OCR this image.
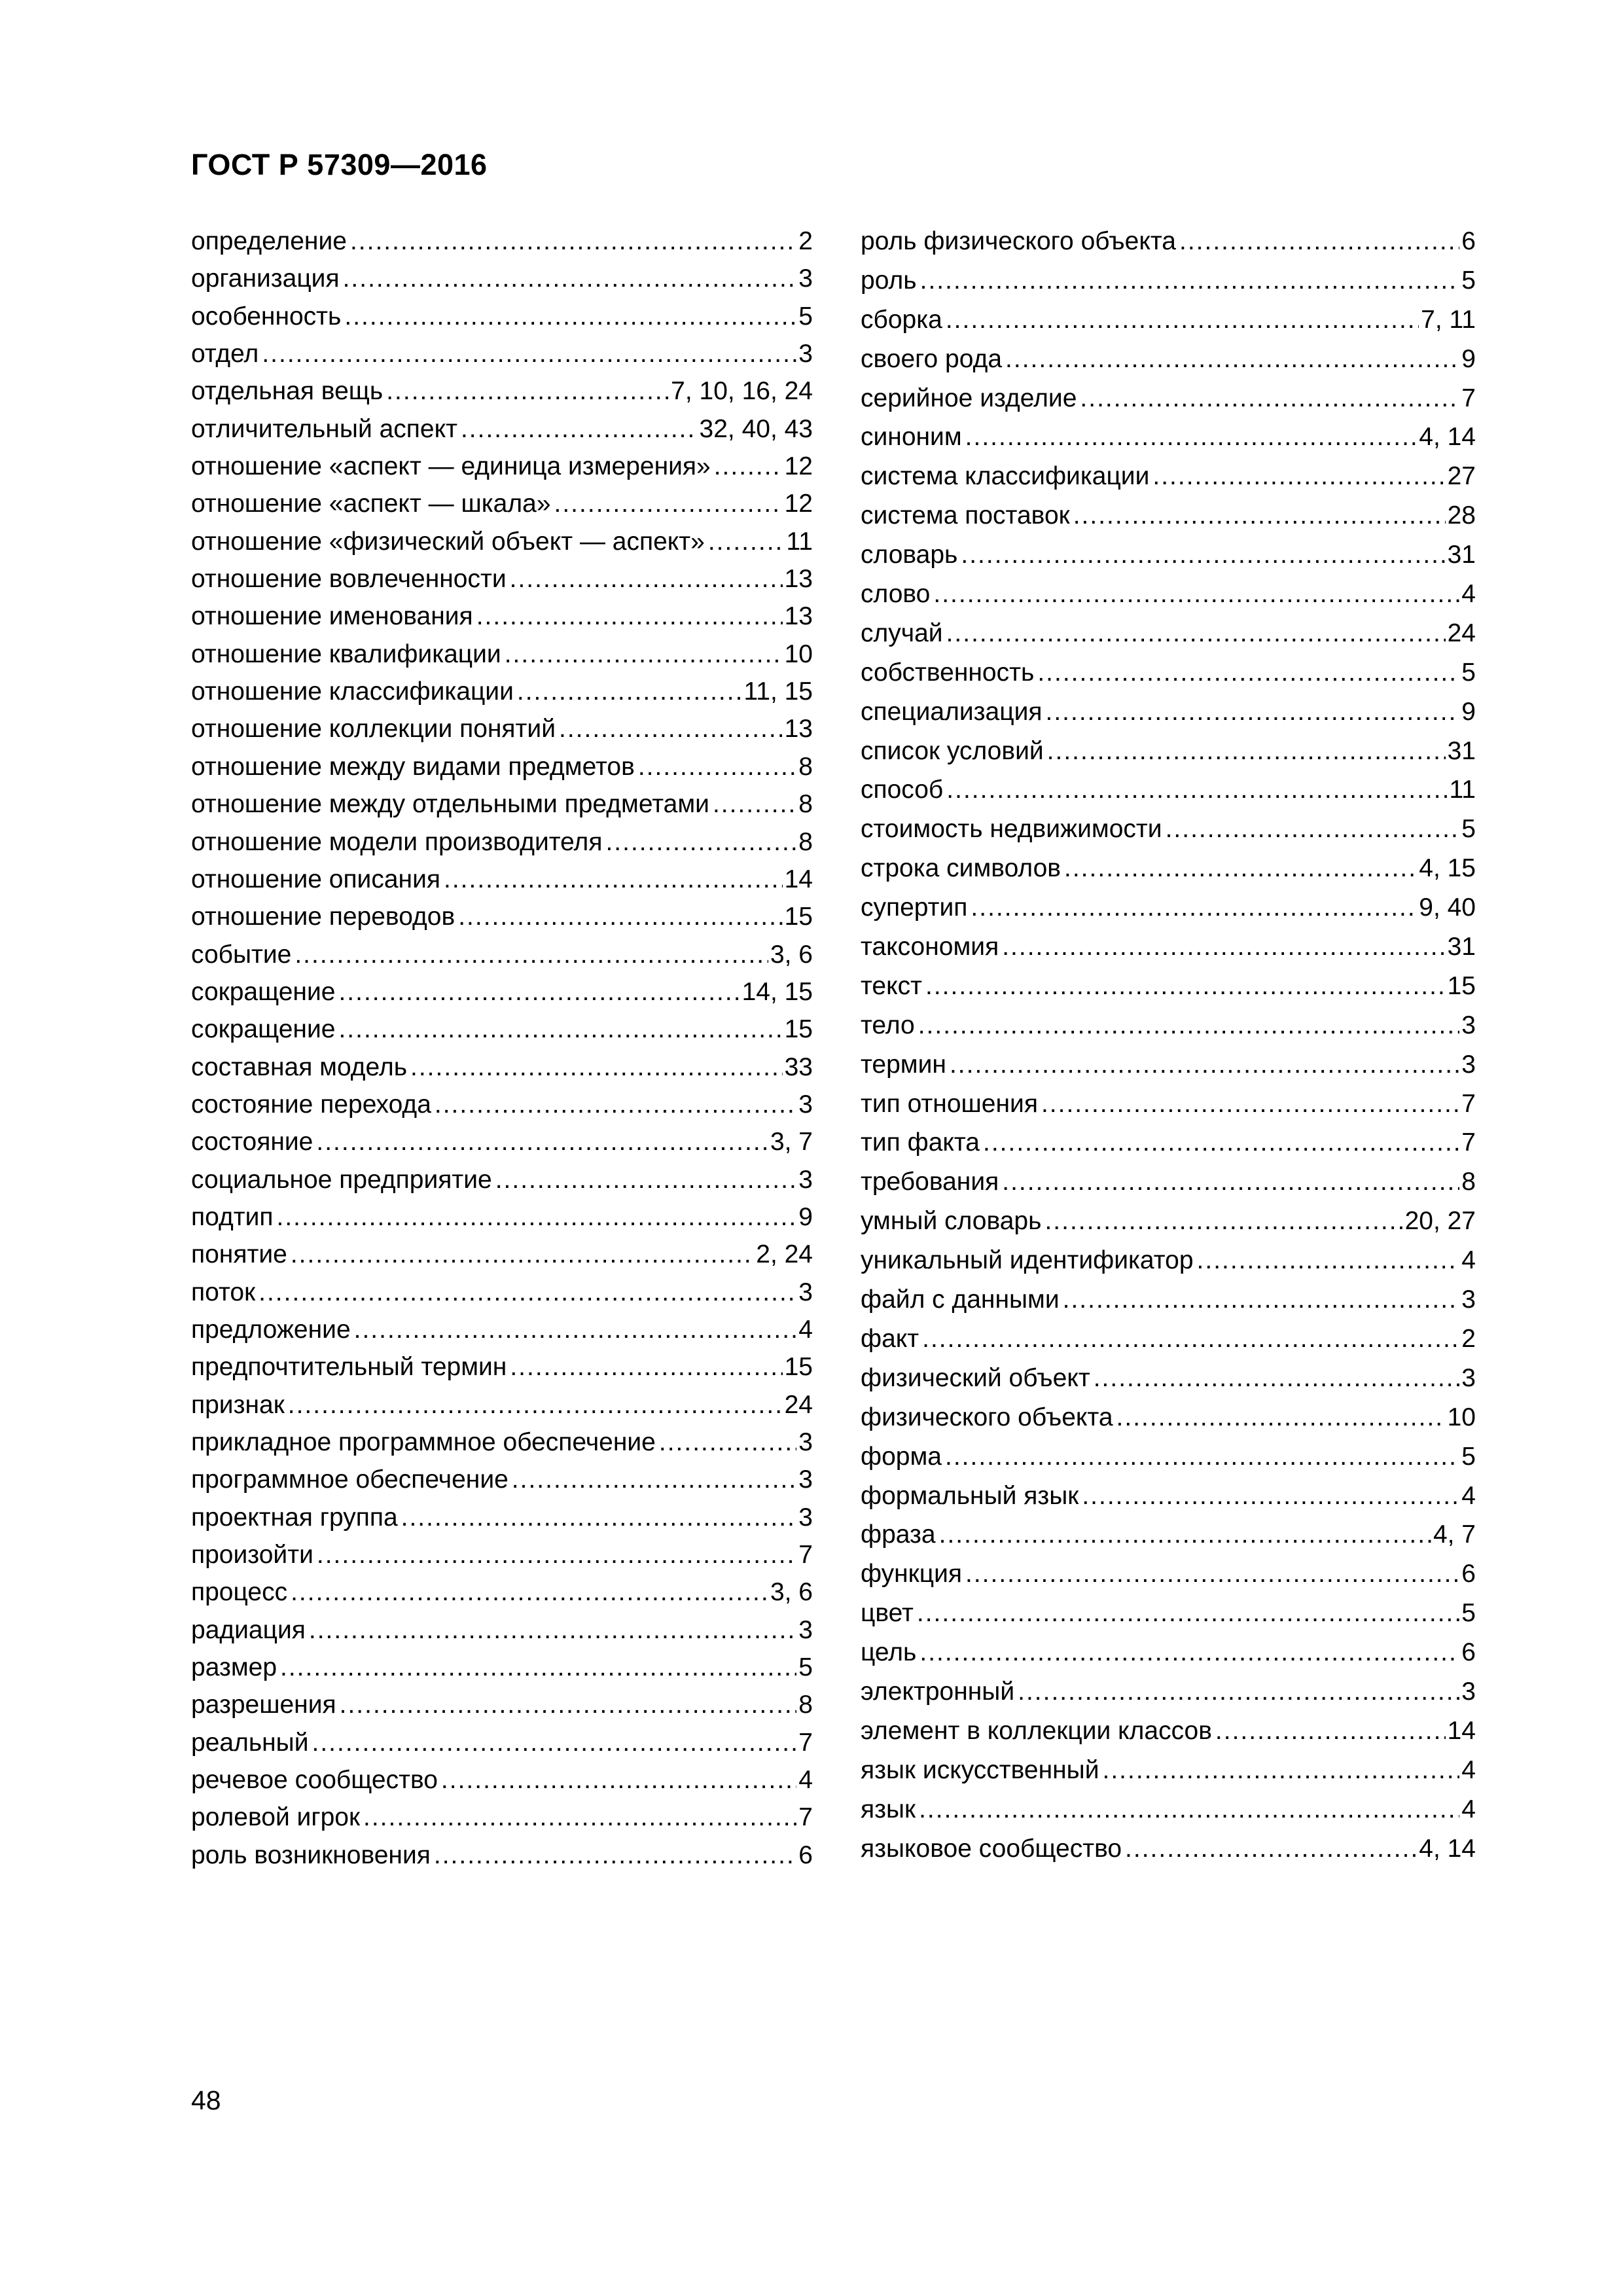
ГОСТ Р 57309—2016
определение .....	2
организация .....	3
особенность .....	5
отдел .....	3
отдельная вещь .....	7, 10, 16, 24
отличительный аспект .....	32, 40, 43
отношение «аспект — единица измерения» .....	12
отношение «аспект — шкала» .....	12
отношение «физический объект — аспект» .....	11
отношение вовлеченности .....	13
отношение именования .....	13
отношение квалификации .....	10
отношение классификации .....	11, 15
отношение коллекции понятий .....	13
отношение между видами предметов .....	8
отношение между отдельными предметами .....	8
отношение модели производителя .....	8
отношение описания .....	14
отношение переводов .....	15
событие .....	3, 6
сокращение .....	14, 15
сокращение .....	15
составная модель .....	33
состояние перехода .....	3
состояние .....	3, 7
социальное предприятие .....	3
подтип .....	9
понятие .....	2, 24
поток .....	3
предложение .....	4
предпочтительный термин .....	15
признак .....	24
прикладное программное обеспечение .....	3
программное обеспечение .....	3
проектная группа .....	3
произойти .....	7
процесс .....	3, 6
радиация .....	3
размер .....	5
разрешения .....	8
реальный .....	7
речевое сообщество .....	4
ролевой игрок .....	7
роль возникновения .....	6
роль физического объекта .....	6
роль .....	5
сборка .....	7, 11
своего рода .....	9
серийное изделие .....	7
синоним .....	4, 14
система классификации .....	27
система поставок .....	28
словарь .....	31
слово .....	4
случай .....	24
собственность .....	5
специализация .....	9
список условий .....	31
способ .....	11
стоимость недвижимости .....	5
строка символов .....	4, 15
супертип .....	9, 40
таксономия .....	31
текст .....	15
тело .....	3
термин .....	3
тип отношения .....	7
тип факта .....	7
требования .....	8
умный словарь .....	20, 27
уникальный идентификатор .....	4
файл с данными .....	3
факт .....	2
физический объект .....	3
физического объекта .....	10
форма .....	5
формальный язык .....	4
фраза .....	4, 7
функция .....	6
цвет .....	5
цель .....	6
электронный .....	3
элемент в коллекции классов .....	14
язык искусственный .....	4
язык .....	4
языковое сообщество .....	4, 14
48
